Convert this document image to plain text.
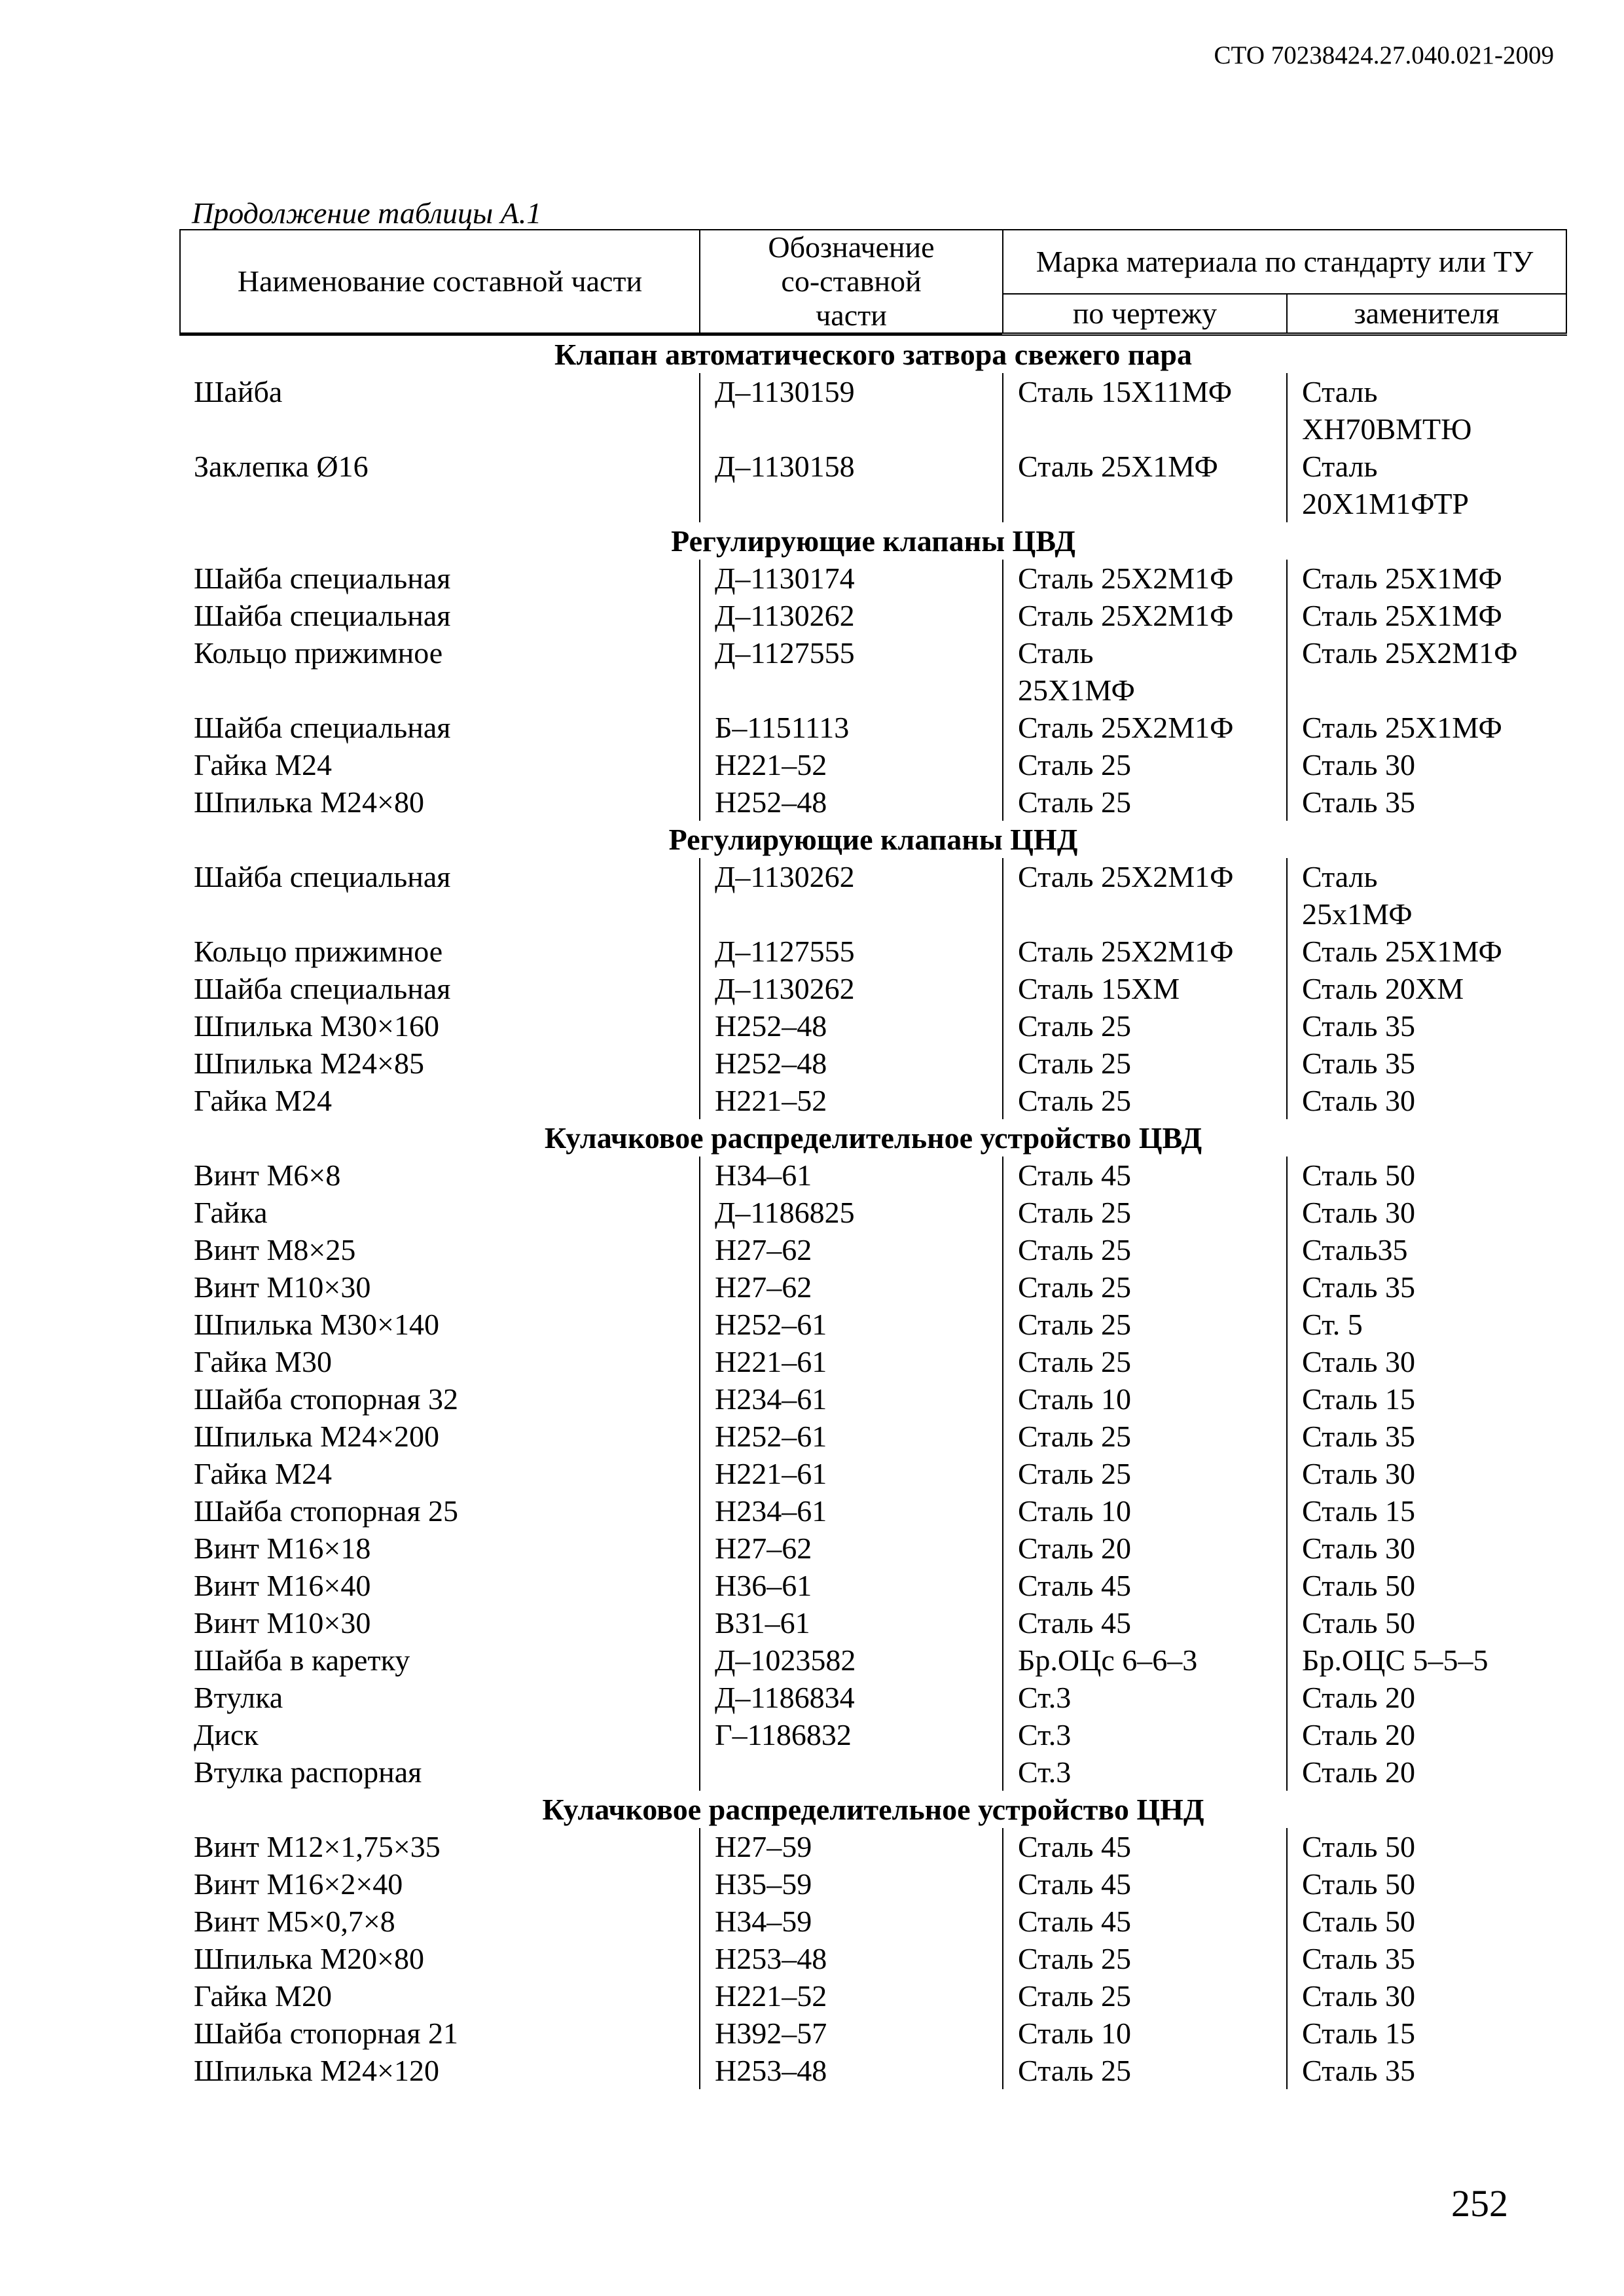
СТО 70238424.27.040.021-2009
Продолжение таблицы А.1
Наименование составной части	Обозначение со-ставной части	Марка материала по стандарту или ТУ	

		по чертежу	заменителя
Клапан автоматического затвора свежего пара			
Шайба	Д–1130159	Сталь 15Х11МФ	Сталь ХН70ВМТЮ

Заклепка Ø16	Д–1130158	Сталь 25Х1МФ	Сталь 20Х1М1ФТР

Регулирующие клапаны ЦВД			
Шайба специальная	Д–1130174	Сталь 25Х2М1Ф	Сталь 25Х1МФ
Шайба специальная	Д–1130262	Сталь 25Х2М1Ф	Сталь 25Х1МФ
Кольцо прижимное	Д–1127555	Сталь 25Х1МФ	Сталь 25Х2М1Ф
Шайба специальная	Б–1151113	Сталь 25Х2М1Ф	Сталь 25Х1МФ
Гайка М24	Н221–52	Сталь 25	Сталь 30
Шпилька М24×80	Н252–48	Сталь 25	Сталь 35
Регулирующие клапаны ЦНД			
Шайба специальная	Д–1130262	Сталь 25Х2М1Ф	Сталь 25х1МФ

Кольцо прижимное	Д–1127555	Сталь 25Х2М1Ф	Сталь 25Х1МФ
Шайба специальная	Д–1130262	Сталь 15ХМ	Сталь 20ХМ
Шпилька М30×160	Н252–48	Сталь 25	Сталь 35
Шпилька М24×85	Н252–48	Сталь 25	Сталь 35
Гайка М24	Н221–52	Сталь 25	Сталь 30
Кулачковое распределительное устройство ЦВД			
Винт М6×8	Н34–61	Сталь 45	Сталь 50
Гайка	Д–1186825	Сталь 25	Сталь 30
Винт М8×25	Н27–62	Сталь 25	Сталь35
Винт М10×30	Н27–62	Сталь 25	Сталь 35
Шпилька М30×140	Н252–61	Сталь 25	Ст. 5
Гайка М30	Н221–61	Сталь 25	Сталь 30
Шайба стопорная 32	Н234–61	Сталь 10	Сталь 15
Шпилька М24×200	Н252–61	Сталь 25	Сталь 35
Гайка М24	Н221–61	Сталь 25	Сталь 30
Шайба стопорная 25	Н234–61	Сталь 10	Сталь 15
Винт М16×18	Н27–62	Сталь 20	Сталь 30
Винт М16×40	Н36–61	Сталь 45	Сталь 50
Винт М10×30	В31–61	Сталь 45	Сталь 50
Шайба в каретку	Д–1023582	Бр.ОЦс 6–6–3	Бр.ОЦС 5–5–5
Втулка	Д–1186834	Ст.3	Сталь 20
Диск	Г–1186832	Ст.3	Сталь 20
Втулка распорная		Ст.3	Сталь 20
Кулачковое распределительное устройство ЦНД			
Винт М12×1,75×35	Н27–59	Сталь 45	Сталь 50
Винт М16×2×40	Н35–59	Сталь 45	Сталь 50
Винт М5×0,7×8	Н34–59	Сталь 45	Сталь 50
Шпилька М20×80	Н253–48	Сталь 25	Сталь 35
Гайка М20	Н221–52	Сталь 25	Сталь 30
Шайба стопорная 21	Н392–57	Сталь 10	Сталь 15
Шпилька М24×120	Н253–48	Сталь 25	Сталь 35
252
